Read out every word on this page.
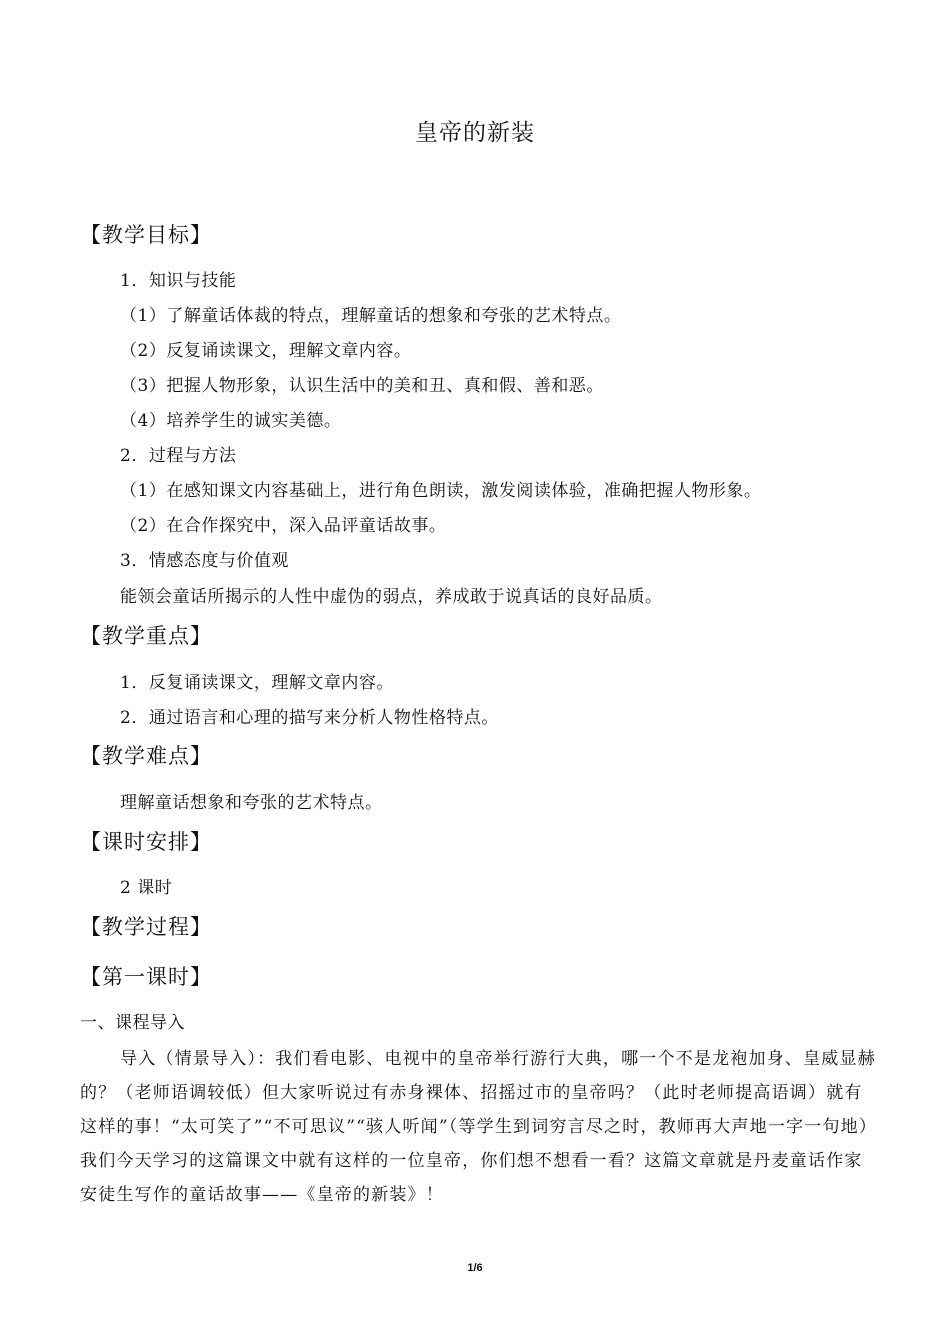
皇帝的新装
【教学目标】
1．知识与技能
（1）了解童话体裁的特点，理解童话的想象和夸张的艺术特点。
（2）反复诵读课文，理解文章内容。
（3）把握人物形象，认识生活中的美和丑、真和假、善和恶。
（4）培养学生的诚实美德。
2．过程与方法
（1）在感知课文内容基础上，进行角色朗读，激发阅读体验，准确把握人物形象。
（2）在合作探究中，深入品评童话故事。
3．情感态度与价值观
能领会童话所揭示的人性中虚伪的弱点，养成敢于说真话的良好品质。
【教学重点】
1．反复诵读课文，理解文章内容。
2．通过语言和心理的描写来分析人物性格特点。
【教学难点】
理解童话想象和夸张的艺术特点。
【课时安排】
2 课时
【教学过程】
【第一课时】
一、课程导入
导入（情景导入）：我们看电影、电视中的皇帝举行游行大典，哪一个不是龙袍加身、皇威显赫的？（老师语调较低）但大家听说过有赤身裸体、招摇过市的皇帝吗？（此时老师提高语调）就有这样的事！“太可笑了”“不可思议”“骇人听闻”（等学生到词穷言尽之时，教师再大声地一字一句地）我们今天学习的这篇课文中就有这样的一位皇帝，你们想不想看一看？这篇文章就是丹麦童话作家安徒生写作的童话故事——《皇帝的新装》！
1/6
